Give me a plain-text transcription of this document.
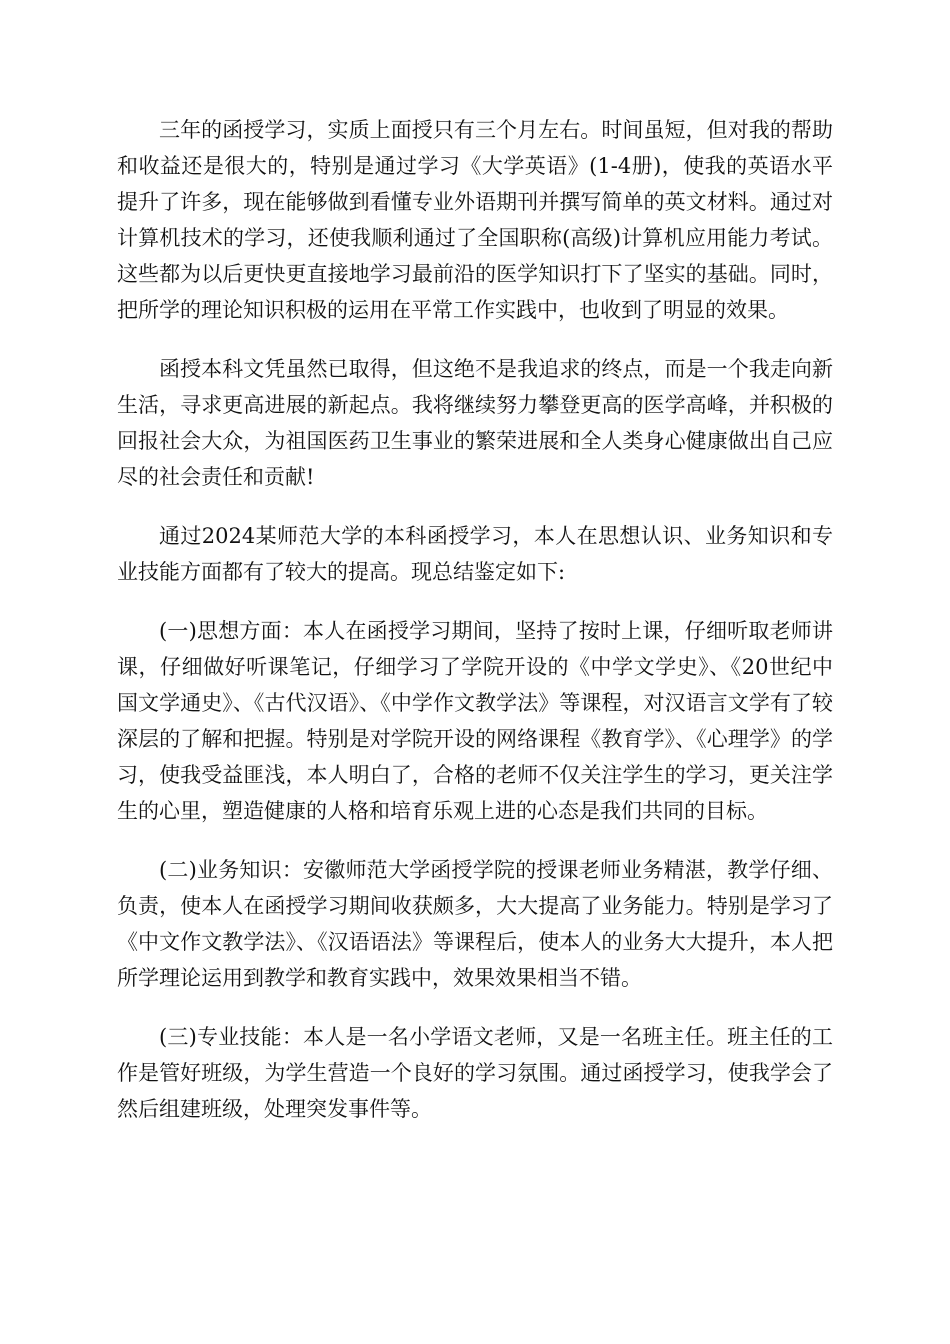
三年的函授学习，实质上面授只有三个月左右。时间虽短，但对我的帮助和收益还是很大的，特别是通过学习《大学英语》(1-4册)，使我的英语水平提升了许多，现在能够做到看懂专业外语期刊并撰写简单的英文材料。通过对计算机技术的学习，还使我顺利通过了全国职称(高级)计算机应用能力考试。这些都为以后更快更直接地学习最前沿的医学知识打下了坚实的基础。同时，把所学的理论知识积极的运用在平常工作实践中，也收到了明显的效果。

函授本科文凭虽然已取得，但这绝不是我追求的终点，而是一个我走向新生活，寻求更高进展的新起点。我将继续努力攀登更高的医学高峰，并积极的回报社会大众，为祖国医药卫生事业的繁荣进展和全人类身心健康做出自己应尽的社会责任和贡献!

通过2024某师范大学的本科函授学习，本人在思想认识、业务知识和专业技能方面都有了较大的提高。现总结鉴定如下:

(一)思想方面：本人在函授学习期间，坚持了按时上课，仔细听取老师讲课，仔细做好听课笔记，仔细学习了学院开设的《中学文学史》、《20世纪中国文学通史》、《古代汉语》、《中学作文教学法》等课程，对汉语言文学有了较深层的了解和把握。特别是对学院开设的网络课程《教育学》、《心理学》的学习，使我受益匪浅，本人明白了，合格的老师不仅关注学生的学习，更关注学生的心里，塑造健康的人格和培育乐观上进的心态是我们共同的目标。

(二)业务知识：安徽师范大学函授学院的授课老师业务精湛，教学仔细、负责，使本人在函授学习期间收获颇多，大大提高了业务能力。特别是学习了《中文作文教学法》、《汉语语法》等课程后，使本人的业务大大提升，本人把所学理论运用到教学和教育实践中，效果效果相当不错。

(三)专业技能：本人是一名小学语文老师，又是一名班主任。班主任的工作是管好班级，为学生营造一个良好的学习氛围。通过函授学习，使我学会了然后组建班级，处理突发事件等。
